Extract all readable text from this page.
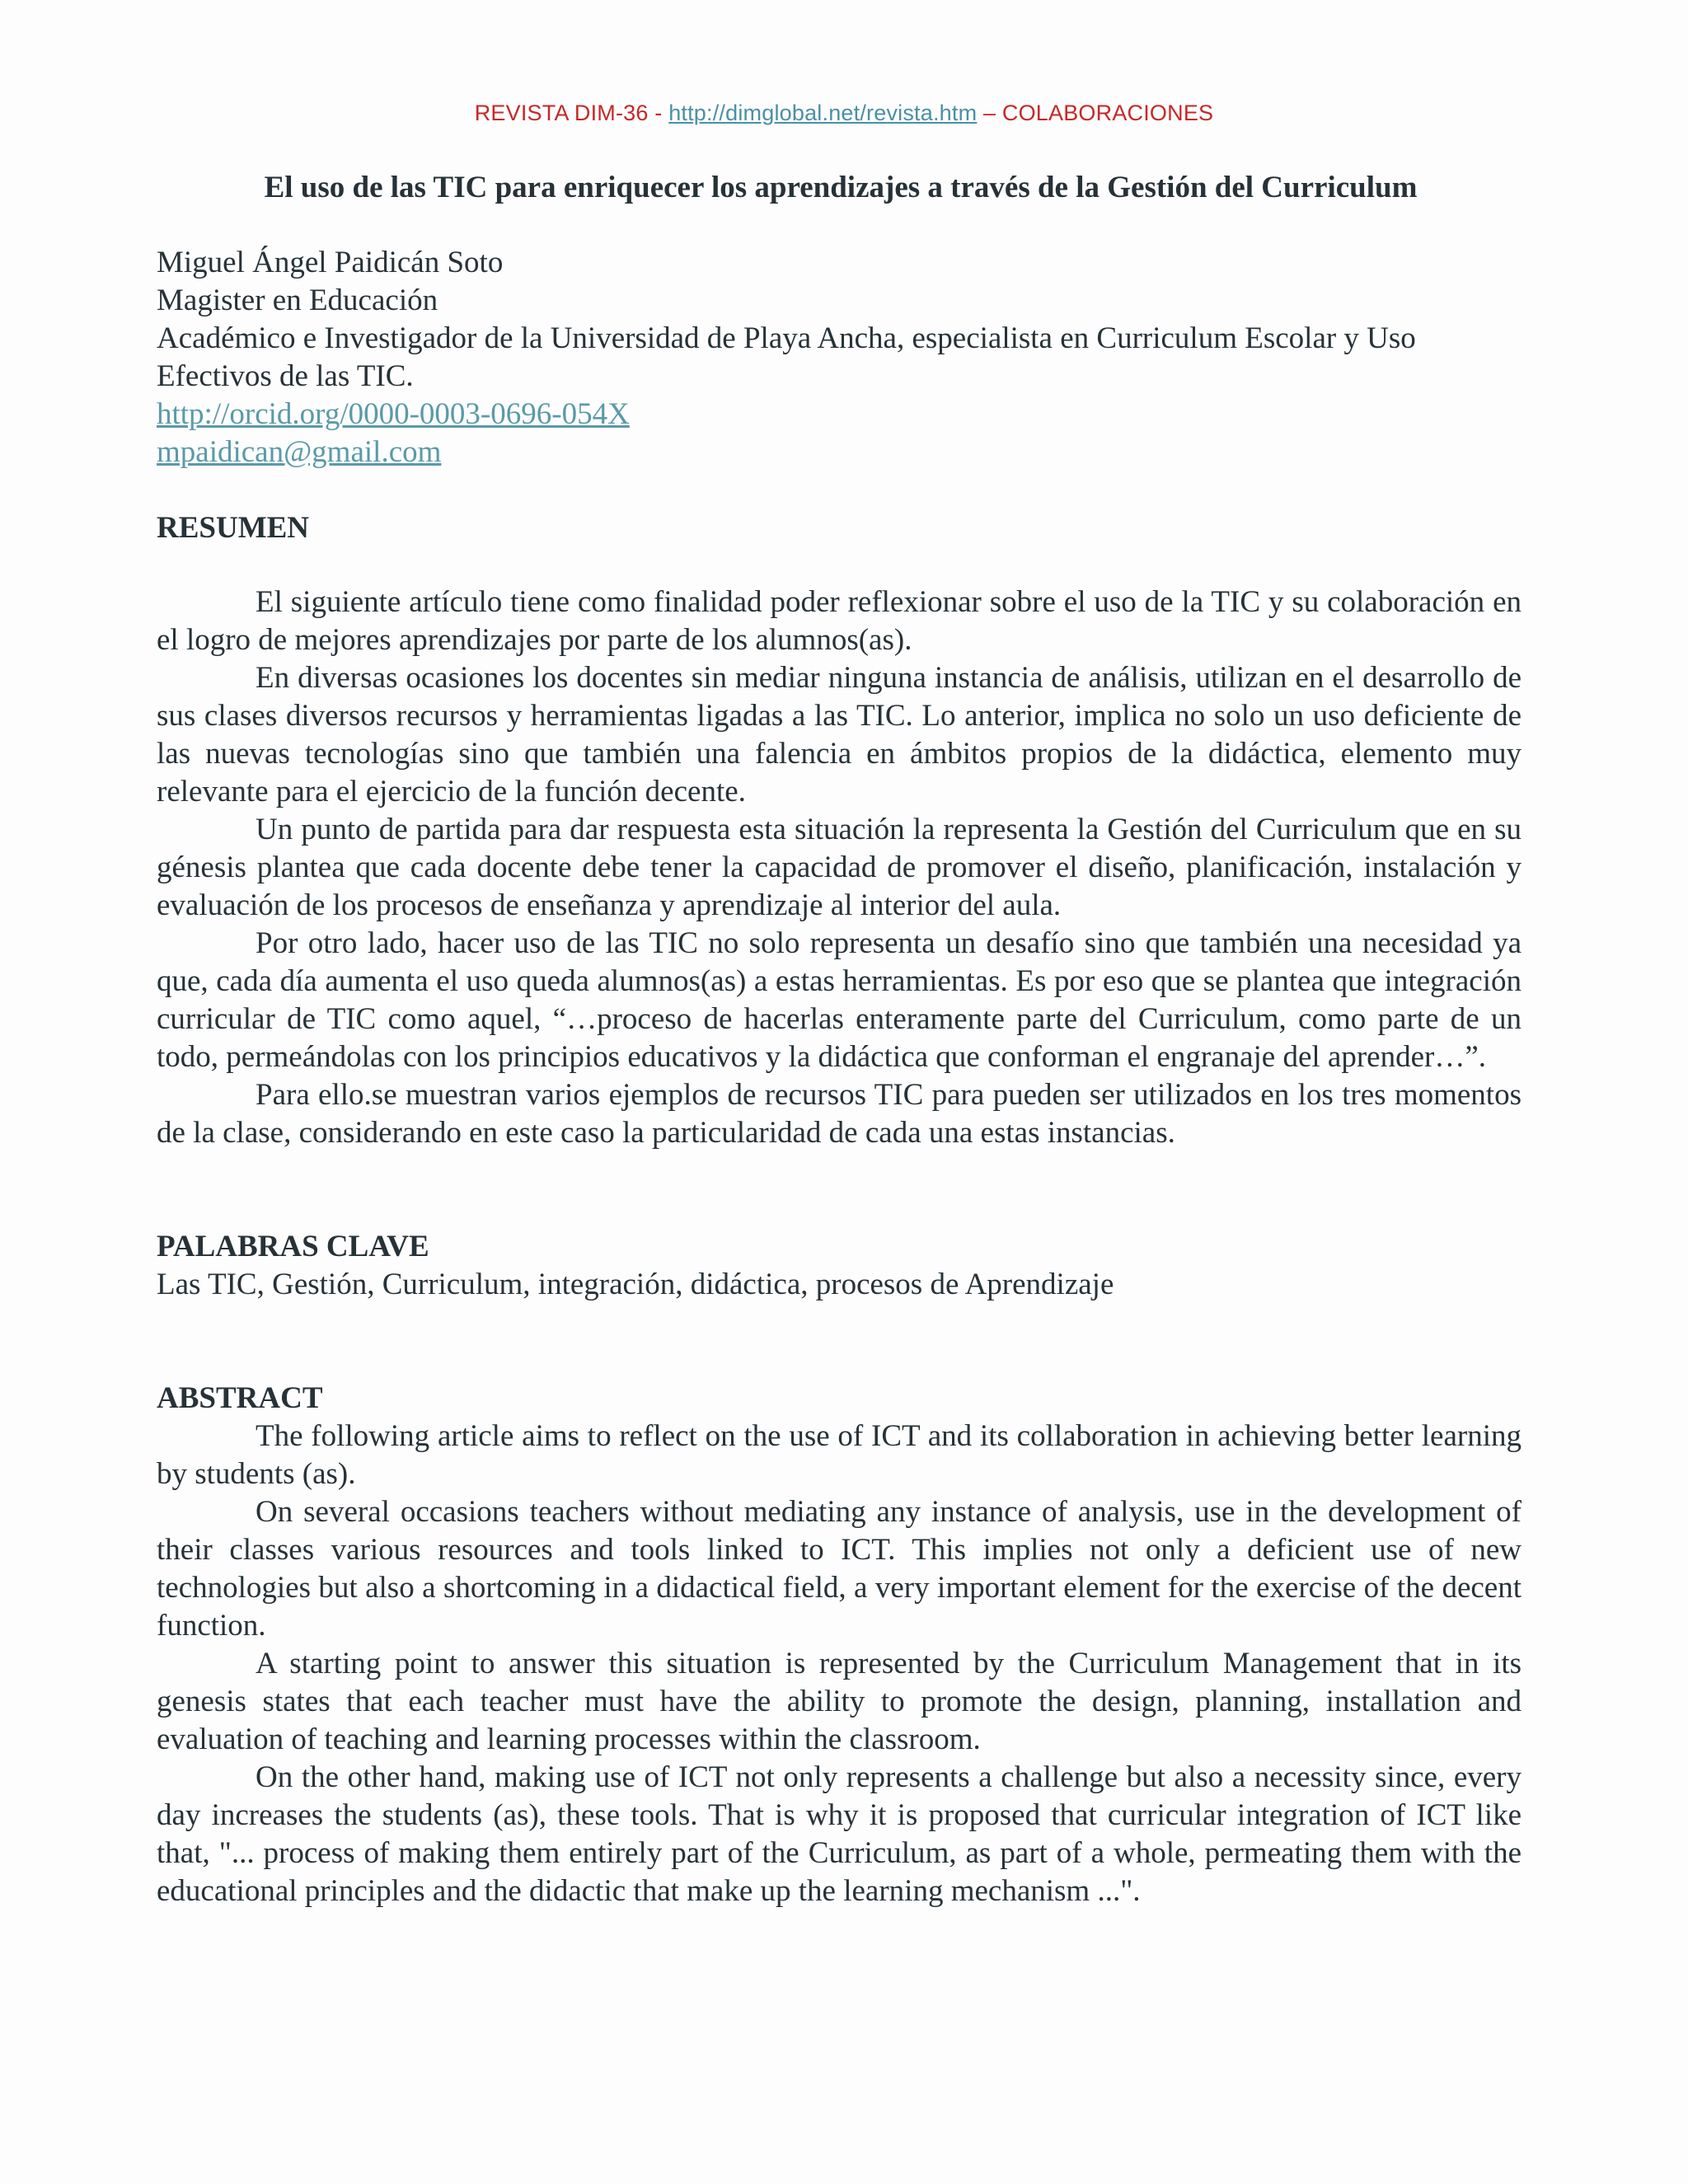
REVISTA DIM-36 - http://dimglobal.net/revista.htm – COLABORACIONES
El uso de las TIC para enriquecer los aprendizajes a través de la Gestión del Curriculum

Miguel Ángel Paidicán Soto

Magister en Educación

Académico e Investigador de la Universidad de Playa Ancha, especialista en Curriculum Escolar y Uso Efectivos de las TIC.

http://orcid.org/0000-0003-0696-054X

mpaidican@gmail.com

RESUMEN

El siguiente artículo tiene como finalidad poder reflexionar sobre el uso de la TIC y su colaboración en el logro de mejores aprendizajes por parte de los alumnos(as).

En diversas ocasiones los docentes sin mediar ninguna instancia de análisis, utilizan en el desarrollo de sus clases diversos recursos y herramientas ligadas a las TIC. Lo anterior, implica no solo un uso deficiente de las nuevas tecnologías sino que también una falencia en ámbitos propios de la didáctica, elemento muy relevante para el ejercicio de la función decente.

Un punto de partida para dar respuesta esta situación la representa la Gestión del Curriculum que en su génesis plantea que cada docente debe tener la capacidad de promover el diseño, planificación, instalación y evaluación de los procesos de enseñanza y aprendizaje al interior del aula.

Por otro lado, hacer uso de las TIC no solo representa un desafío sino que también una necesidad ya que, cada día aumenta el uso queda alumnos(as) a estas herramientas. Es por eso que se plantea que integración curricular de TIC como aquel, “…proceso de hacerlas enteramente parte del Curriculum, como parte de un todo, permeándolas con los principios educativos y la didáctica que conforman el engranaje del aprender…”.

Para ello.se muestran varios ejemplos de recursos TIC para pueden ser utilizados en los tres momentos de la clase, considerando en este caso la particularidad de cada una estas instancias.

PALABRAS CLAVE

Las TIC, Gestión, Curriculum, integración, didáctica, procesos de Aprendizaje

ABSTRACT

The following article aims to reflect on the use of ICT and its collaboration in achieving better learning by students (as).

On several occasions teachers without mediating any instance of analysis, use in the development of their classes various resources and tools linked to ICT. This implies not only a deficient use of new technologies but also a shortcoming in a didactical field, a very important element for the exercise of the decent function.

A starting point to answer this situation is represented by the Curriculum Management that in its genesis states that each teacher must have the ability to promote the design, planning, installation and evaluation of teaching and learning processes within the classroom.

On the other hand, making use of ICT not only represents a challenge but also a necessity since, every day increases the students (as), these tools. That is why it is proposed that curricular integration of ICT like that, "... process of making them entirely part of the Curriculum, as part of a whole, permeating them with the educational principles and the didactic that make up the learning mechanism ...".
